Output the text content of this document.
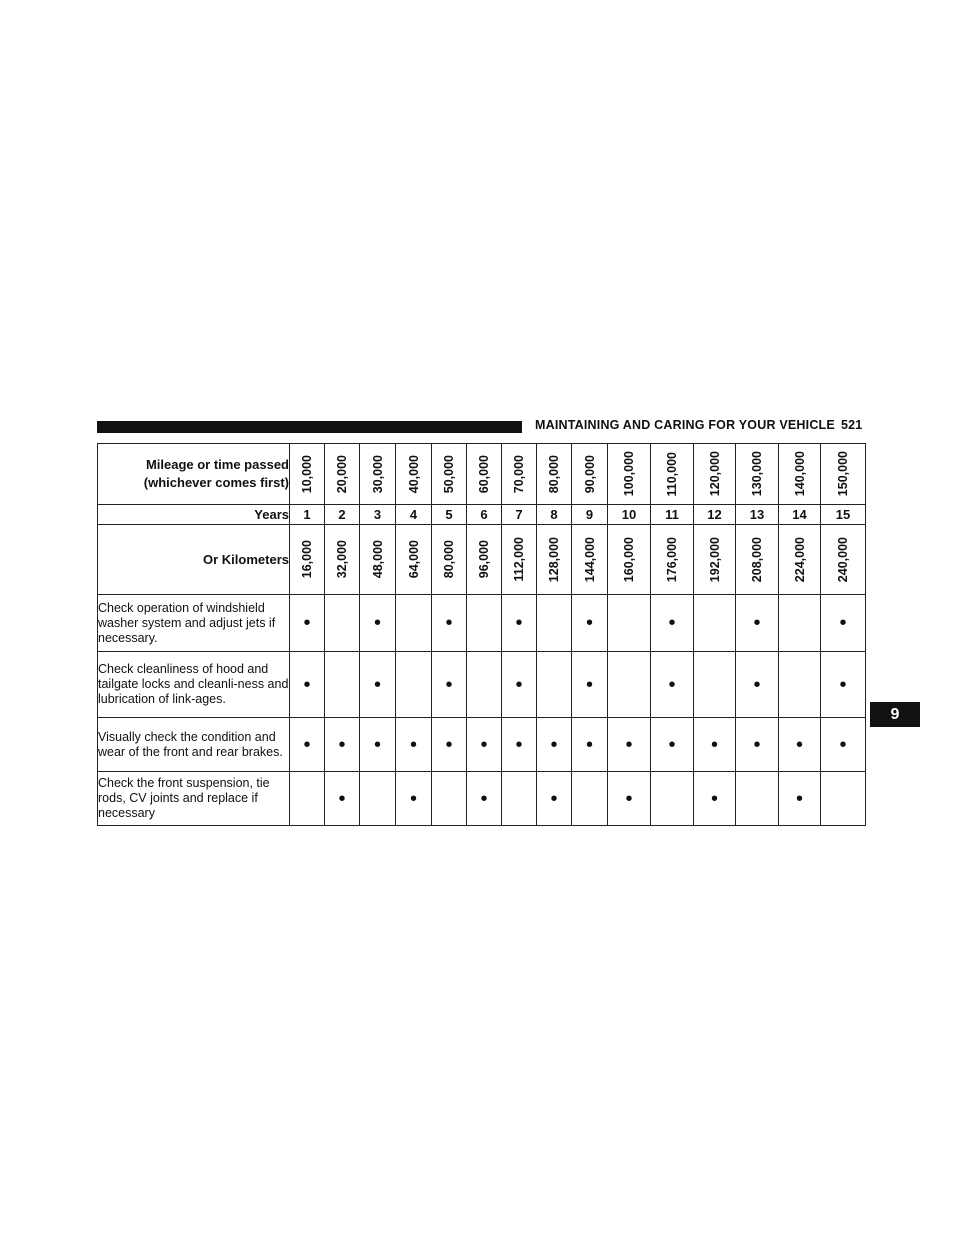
MAINTAINING AND CARING FOR YOUR VEHICLE 521
9
Mileage or time passed
(whichever comes first)	10,000	20,000	30,000	40,000	50,000	60,000	70,000	80,000	90,000	100,000	110,000	120,000	130,000	140,000	150,000

Years	1	2	3	4	5	6	7	8	9	10	11	12	13	14	15
Or Kilometers	16,000	32,000	48,000	64,000	80,000	96,000	112,000	128,000	144,000	160,000	176,000	192,000	208,000	224,000	240,000

Check operation of windshield washer system and adjust jets if necessary.	•		•		•		•		•		•		•		•
Check cleanliness of hood and tailgate locks and cleanli-ness and lubrication of link-ages.	•		•		•		•		•		•		•		•
Visually check the condition and wear of the front and rear brakes.	•	•	•	•	•	•	•	•	•	•	•	•	•	•	•
Check the front suspension, tie rods, CV joints and replace if necessary		•		•		•		•		•		•		•	
